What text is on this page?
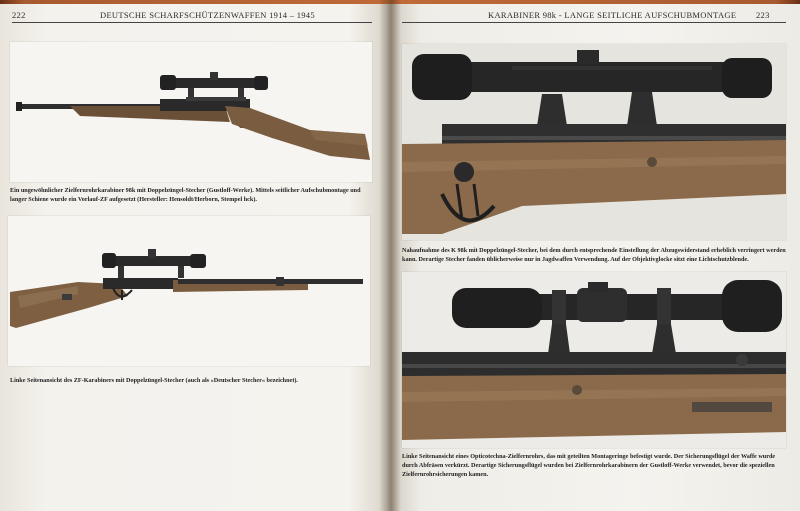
222	DEUTSCHE SCHARFSCHÜTZENWAFFEN 1914 – 1945
Ein ungewöhnlicher Zielfernrohrkarabiner 98k mit Doppelzüngel-Stecher (Gustloff-Werke). Mittels seitlicher Aufschubmontage und langer Schiene wurde ein Vorlauf-ZF aufgesetzt (Hersteller: Hensoldt/Herborn, Stempel hck).
Linke Seitenansicht des ZF-Karabiners mit Doppelzüngel-Stecher (auch als »Deutscher Stecher« bezeichnet).
KARABINER 98k - LANGE SEITLICHE AUFSCHUBMONTAGE 223
Nahaufnahme des K 98k mit Doppelzüngel-Stecher, bei dem durch entsprechende Einstellung der Abzugswiderstand erheblich verringert werden kann. Derartige Stecher fanden üblicherweise nur in Jagdwaffen Verwendung. Auf der Objektivglocke sitzt eine Lichtschutzblende.
Linke Seitenansicht eines Opticotechna-Zielfernrohrs, das mit geteilten Montageringe befestigt wurde. Der Sicherungsflügel der Waffe wurde durch Abfräsen verkürzt. Derartige Sicherungsflügel wurden bei Zielfernrohrkarabinern der Gustloff-Werke verwendet, bevor die speziellen Zielfernrohrsicherungen kamen.
